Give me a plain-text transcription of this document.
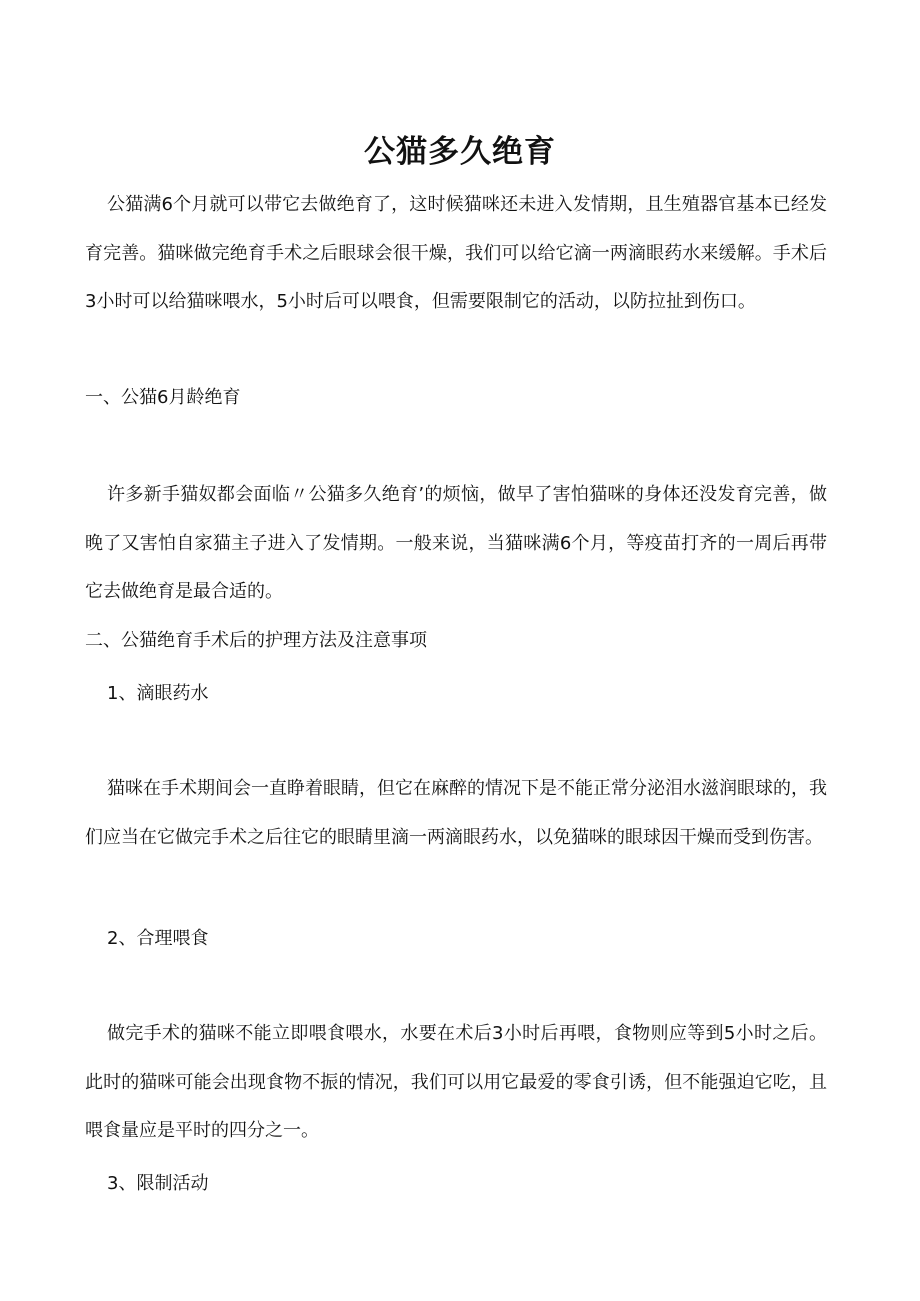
公猫多久绝育

公猫满6个月就可以带它去做绝育了，这时候猫咪还未进入发情期，且生殖器官基本已经发育完善。猫咪做完绝育手术之后眼球会很干燥，我们可以给它滴一两滴眼药水来缓解。手术后3小时可以给猫咪喂水，5小时后可以喂食，但需要限制它的活动，以防拉扯到伤口。

一、公猫6月龄绝育

许多新手猫奴都会面临〃公猫多久绝育’的烦恼，做早了害怕猫咪的身体还没发育完善，做晚了又害怕自家猫主子进入了发情期。一般来说，当猫咪满6个月，等疫苗打齐的一周后再带它去做绝育是最合适的。

二、公猫绝育手术后的护理方法及注意事项
1、滴眼药水

猫咪在手术期间会一直睁着眼睛，但它在麻醉的情况下是不能正常分泌泪水滋润眼球的，我们应当在它做完手术之后往它的眼睛里滴一两滴眼药水，以免猫咪的眼球因干燥而受到伤害。

2、合理喂食

做完手术的猫咪不能立即喂食喂水，水要在术后3小时后再喂，食物则应等到5小时之后。此时的猫咪可能会出现食物不振的情况，我们可以用它最爱的零食引诱，但不能强迫它吃，且喂食量应是平时的四分之一。

3、限制活动
